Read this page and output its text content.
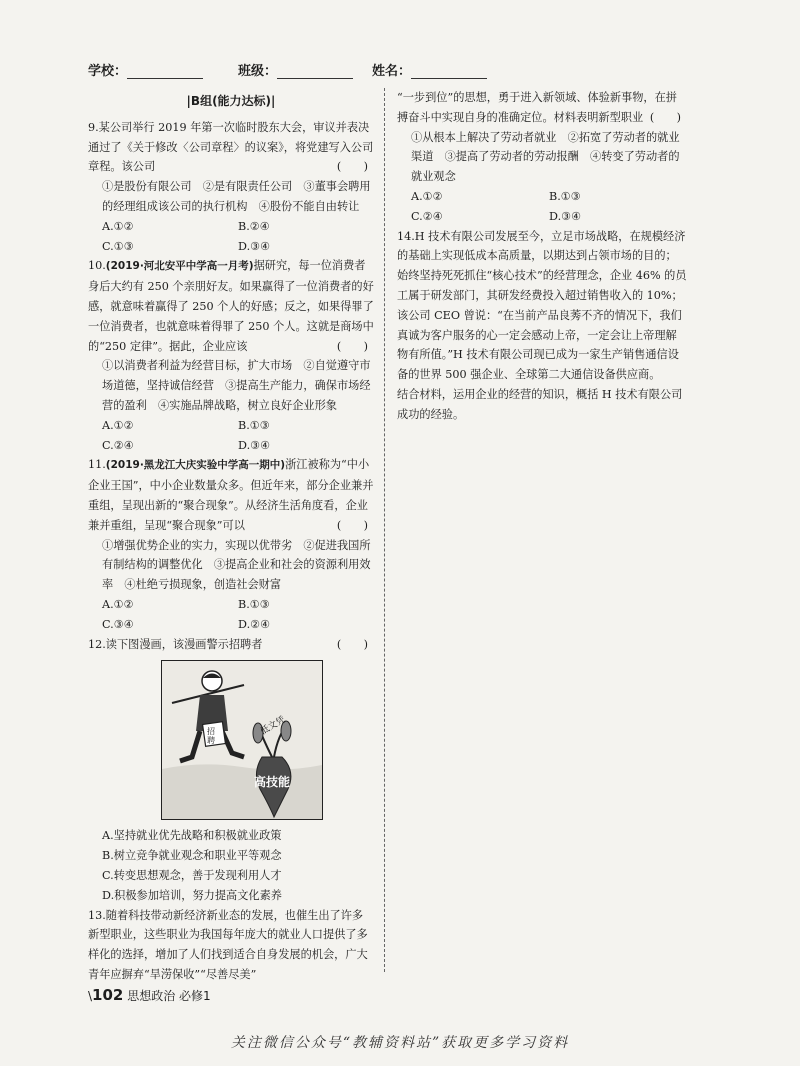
学校：	班级：	姓名：
|B组(能力达标)|
9.某公司举行 2019 年第一次临时股东大会，审议并表决通过了《关于修改〈公司章程〉的议案》，将党建写入公司章程。该公司	(　　)
①是股份有限公司　②是有限责任公司　③董事会聘用的经理组成该公司的执行机构　④股份不能自由转让
A.①②	B.②④
C.①③	D.③④
10.(2019·河北安平中学高一月考)据研究，每一位消费者身后大约有 250 个亲朋好友。如果赢得了一位消费者的好感，就意味着赢得了 250 个人的好感；反之，如果得罪了一位消费者，也就意味着得罪了 250 个人。这就是商场中的“250 定律”。据此，企业应该	(　　)
①以消费者利益为经营目标，扩大市场　②自觉遵守市场道德，坚持诚信经营　③提高生产能力，确保市场经营的盈利　④实施品牌战略，树立良好企业形象
A.①②	B.①③
C.②④	D.③④
11.(2019·黑龙江大庆实验中学高一期中)浙江被称为“中小企业王国”，中小企业数量众多。但近年来，部分企业兼并重组，呈现出新的“聚合现象”。从经济生活角度看，企业兼并重组，呈现“聚合现象”可以	(　　)
①增强优势企业的实力，实现以优带劣　②促进我国所有制结构的调整优化　③提高企业和社会的资源利用效率　④杜绝亏损现象，创造社会财富
A.①②	B.①③
C.③④	D.②④
12.读下图漫画，该漫画警示招聘者	(　　)
招聘
低文凭
高技能
A.坚持就业优先战略和积极就业政策
B.树立竞争就业观念和职业平等观念
C.转变思想观念，善于发现利用人才
D.积极参加培训，努力提高文化素养
13.随着科技带动新经济新业态的发展，也催生出了许多新型职业，这些职业为我国每年庞大的就业人口提供了多样化的选择，增加了人们找到适合自身发展的机会，广大青年应摒弃“旱涝保收”“尽善尽美”
“一步到位”的思想，勇于进入新领域、体验新事物，在拼搏奋斗中实现自身的准确定位。材料表明新型职业 (　　)
①从根本上解决了劳动者就业　②拓宽了劳动者的就业渠道　③提高了劳动者的劳动报酬　④转变了劳动者的就业观念
A.①②	B.①③
C.②④	D.③④
14.H 技术有限公司发展至今，立足市场战略，在规模经济的基础上实现低成本高质量，以期达到占领市场的目的；始终坚持死死抓住“核心技术”的经营理念，企业 46% 的员工属于研发部门，其研发经费投入超过销售收入的 10%；该公司 CEO 曾说：“在当前产品良莠不齐的情况下，我们真诚为客户服务的心一定会感动上帝，一定会让上帝理解物有所值。”H 技术有限公司现已成为一家生产销售通信设备的世界 500 强企业、全球第二大通信设备供应商。
结合材料，运用企业的经营的知识，概括 H 技术有限公司成功的经验。
\102 思想政治 必修1
关注微信公众号“教辅资料站”获取更多学习资料
